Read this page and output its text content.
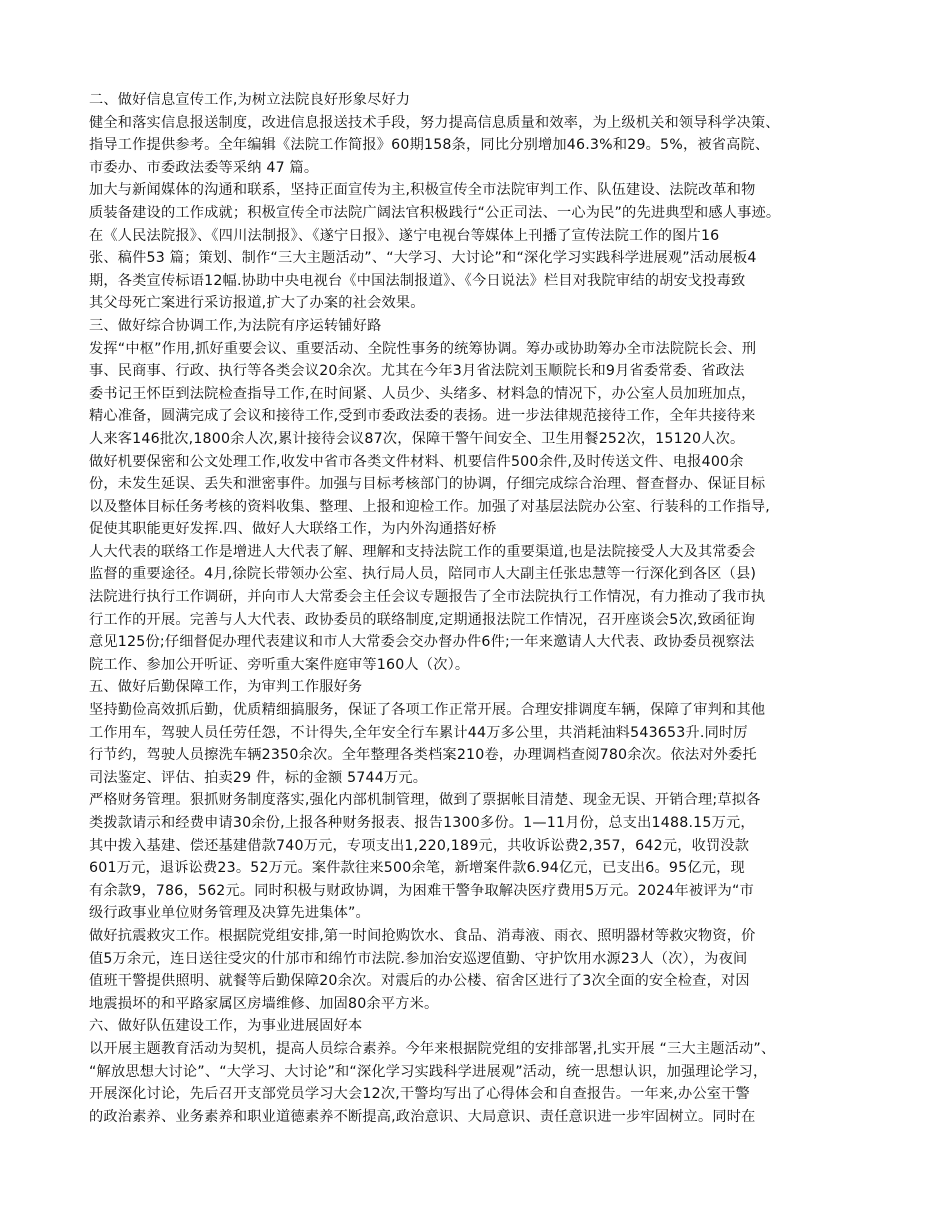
二、做好信息宣传工作,为树立法院良好形象尽好力
健全和落实信息报送制度，改进信息报送技术手段，努力提高信息质量和效率，为上级机关和领导科学决策、
指导工作提供参考。全年编辑《法院工作简报》60期158条，同比分别增加46.3%和29。5%，被省高院、
市委办、市委政法委等采纳 47 篇。
加大与新闻媒体的沟通和联系，坚持正面宣传为主,积极宣传全市法院审判工作、队伍建设、法院改革和物
质装备建设的工作成就；积极宣传全市法院广阔法官积极践行“公正司法、一心为民”的先进典型和感人事迹。
在《人民法院报》、《四川法制报》、《遂宁日报》、遂宁电视台等媒体上刊播了宣传法院工作的图片16
张、稿件53 篇；策划、制作“三大主题活动”、“大学习、大讨论”和“深化学习实践科学进展观”活动展板4
期，各类宣传标语12幅.协助中央电视台《中国法制报道》、《今日说法》栏目对我院审结的胡安戈投毒致
其父母死亡案进行采访报道,扩大了办案的社会效果。
三、做好综合协调工作,为法院有序运转铺好路
发挥“中枢”作用,抓好重要会议、重要活动、全院性事务的统筹协调。筹办或协助筹办全市法院院长会、刑
事、民商事、行政、执行等各类会议20余次。尤其在今年3月省法院刘玉顺院长和9月省委常委、省政法
委书记王怀臣到法院检查指导工作,在时间紧、人员少、头绪多、材料急的情况下，办公室人员加班加点，
精心准备，圆满完成了会议和接待工作,受到市委政法委的表扬。进一步法律规范接待工作，全年共接待来
人来客146批次,1800余人次,累计接待会议87次，保障干警午间安全、卫生用餐252次，15120人次。
做好机要保密和公文处理工作,收发中省市各类文件材料、机要信件500余件,及时传送文件、电报400余
份，未发生延误、丢失和泄密事件。加强与目标考核部门的协调，仔细完成综合治理、督查督办、保证目标
以及整体目标任务考核的资料收集、整理、上报和迎检工作。加强了对基层法院办公室、行装科的工作指导,
促使其职能更好发挥.四、做好人大联络工作，为内外沟通搭好桥
人大代表的联络工作是增进人大代表了解、理解和支持法院工作的重要渠道,也是法院接受人大及其常委会
监督的重要途径。4月,徐院长带领办公室、执行局人员，陪同市人大副主任张忠慧等一行深化到各区（县)
法院进行执行工作调研，并向市人大常委会主任会议专题报告了全市法院执行工作情况，有力推动了我市执
行工作的开展。完善与人大代表、政协委员的联络制度,定期通报法院工作情况，召开座谈会5次,致函征询
意见125份;仔细督促办理代表建议和市人大常委会交办督办件6件;一年来邀请人大代表、政协委员视察法
院工作、参加公开听证、旁听重大案件庭审等160人（次）。
五、做好后勤保障工作，为审判工作服好务
坚持勤俭高效抓后勤，优质精细搞服务，保证了各项工作正常开展。合理安排调度车辆，保障了审判和其他
工作用车，驾驶人员任劳任怨，不计得失,全年安全行车累计44万多公里，共消耗油料543653升.同时厉
行节约，驾驶人员擦洗车辆2350余次。全年整理各类档案210卷，办理调档查阅780余次。依法对外委托
司法鉴定、评估、拍卖29 件，标的金额 5744万元。
严格财务管理。狠抓财务制度落实,强化内部机制管理，做到了票据帐目清楚、现金无误、开销合理;草拟各
类拨款请示和经费申请30余份,上报各种财务报表、报告1300多份。1—11月份，总支出1488.15万元，
其中拨入基建、偿还基建借款740万元，专项支出1,220,189元，共收诉讼费2,357，642元，收罚没款
601万元，退诉讼费23。52万元。案件款往来500余笔，新增案件款6.94亿元，已支出6。95亿元，现
有余款9，786，562元。同时积极与财政协调，为困难干警争取解决医疗费用5万元。2024年被评为“市
级行政事业单位财务管理及决算先进集体”。
做好抗震救灾工作。根据院党组安排,第一时间抢购饮水、食品、消毒液、雨衣、照明器材等救灾物资，价
值5万余元，连日送往受灾的什邡市和绵竹市法院.参加治安巡逻值勤、守护饮用水源23人（次），为夜间
值班干警提供照明、就餐等后勤保障20余次。对震后的办公楼、宿舍区进行了3次全面的安全检查，对因
地震损坏的和平路家属区房墙维修、加固80余平方米。
六、做好队伍建设工作，为事业进展固好本
以开展主题教育活动为契机，提高人员综合素养。今年来根据院党组的安排部署,扎实开展 “三大主题活动”、
“解放思想大讨论”、“大学习、大讨论”和“深化学习实践科学进展观”活动，统一思想认识，加强理论学习，
开展深化讨论，先后召开支部党员学习大会12次,干警均写出了心得体会和自查报告。一年来,办公室干警
的政治素养、业务素养和职业道德素养不断提高,政治意识、大局意识、责任意识进一步牢固树立。同时在
